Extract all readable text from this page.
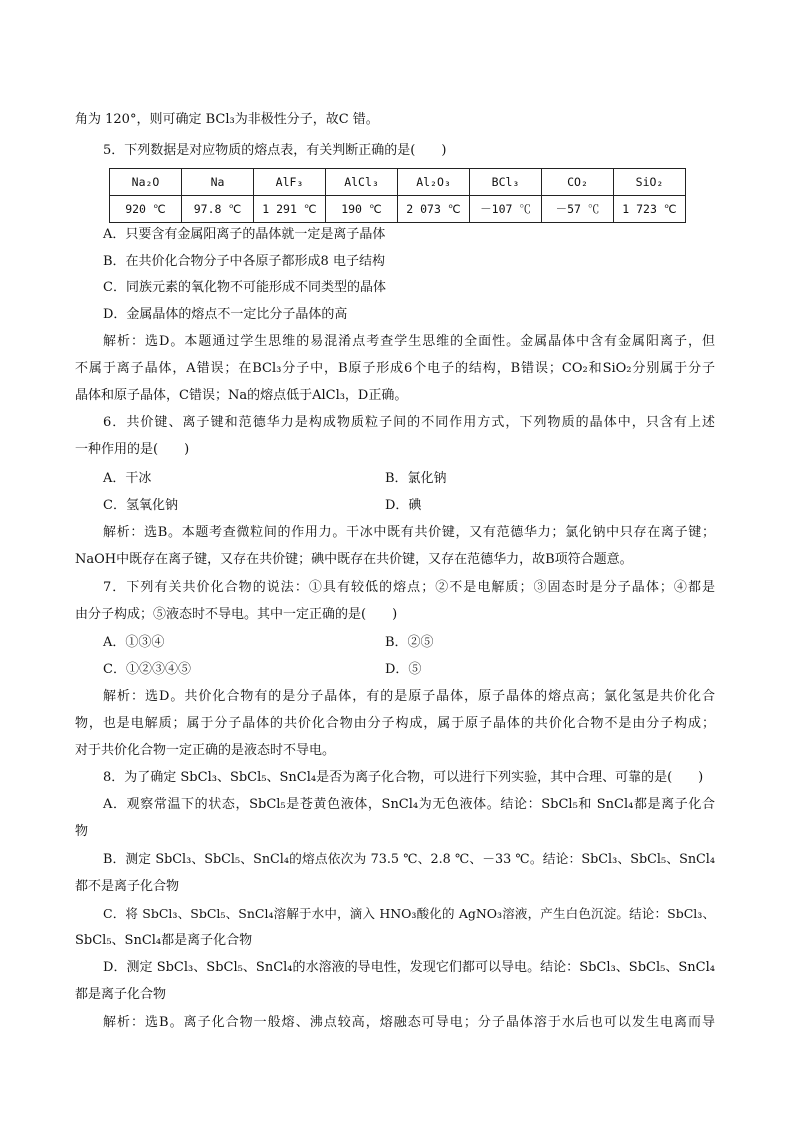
角为 120°，则可确定 BCl₃为非极性分子，故C 错。
5．下列数据是对应物质的熔点表，有关判断正确的是(　　)
Na₂O	Na	AlF₃	AlCl₃	Al₂O₃	BCl₃	CO₂	SiO₂
920 ℃	97.8 ℃	1 291 ℃	190 ℃	2 073 ℃	－107 ℃	－57 ℃	1 723 ℃
A．只要含有金属阳离子的晶体就一定是离子晶体
B．在共价化合物分子中各原子都形成8 电子结构
C．同族元素的氧化物不可能形成不同类型的晶体
D．金属晶体的熔点不一定比分子晶体的高
解析：选D。本题通过学生思维的易混淆点考查学生思维的全面性。金属晶体中含有金属阳离子，但
不属于离子晶体，A错误；在BCl₃分子中，B原子形成6个电子的结构，B错误；CO₂和SiO₂分别属于分子
晶体和原子晶体，C错误；Na的熔点低于AlCl₃，D正确。
6．共价键、离子键和范德华力是构成物质粒子间的不同作用方式，下列物质的晶体中，只含有上述
一种作用的是(　　)
A．干冰	B．氯化钠
C．氢氧化钠	D．碘
解析：选B。本题考查微粒间的作用力。干冰中既有共价键，又有范德华力；氯化钠中只存在离子键；
NaOH中既存在离子键，又存在共价键；碘中既存在共价键，又存在范德华力，故B项符合题意。
7．下列有关共价化合物的说法：①具有较低的熔点；②不是电解质；③固态时是分子晶体；④都是
由分子构成；⑤液态时不导电。其中一定正确的是(　　)
A．①③④	B．②⑤
C．①②③④⑤	D．⑤
解析：选D。共价化合物有的是分子晶体，有的是原子晶体，原子晶体的熔点高；氯化氢是共价化合
物，也是电解质；属于分子晶体的共价化合物由分子构成，属于原子晶体的共价化合物不是由分子构成；
对于共价化合物一定正确的是液态时不导电。
8．为了确定 SbCl₃、SbCl₅、SnCl₄是否为离子化合物，可以进行下列实验，其中合理、可靠的是(　　)
A．观察常温下的状态，SbCl₅是苍黄色液体，SnCl₄为无色液体。结论：SbCl₅和 SnCl₄都是离子化合
物
B．测定 SbCl₃、SbCl₅、SnCl₄的熔点依次为 73.5 ℃、2.8 ℃、－33 ℃。结论：SbCl₃、SbCl₅、SnCl₄
都不是离子化合物
C．将 SbCl₃、SbCl₅、SnCl₄溶解于水中，滴入 HNO₃酸化的 AgNO₃溶液，产生白色沉淀。结论：SbCl₃、
SbCl₅、SnCl₄都是离子化合物
D．测定 SbCl₃、SbCl₅、SnCl₄的水溶液的导电性，发现它们都可以导电。结论：SbCl₃、SbCl₅、SnCl₄
都是离子化合物
解析：选B。离子化合物一般熔、沸点较高，熔融态可导电；分子晶体溶于水后也可以发生电离而导
